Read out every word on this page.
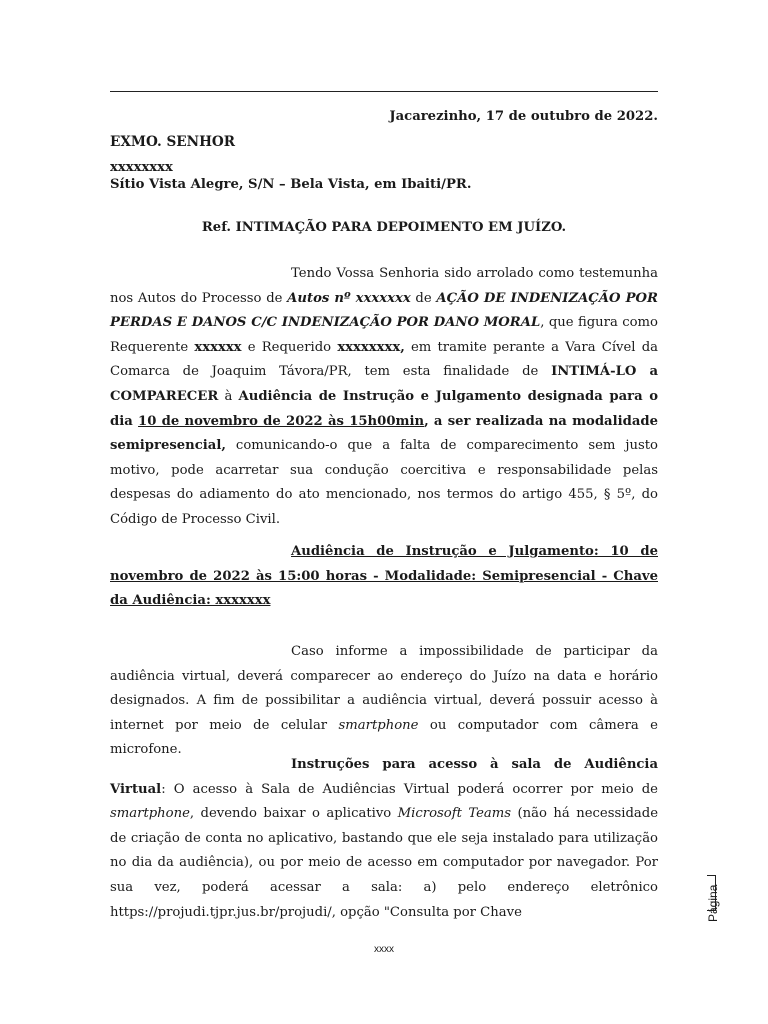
Jacarezinho, 17 de outubro de 2022.

EXMO. SENHOR

xxxxxxxx

Sítio Vista Alegre, S/N – Bela Vista, em Ibaiti/PR.

Ref. INTIMAÇÃO PARA DEPOIMENTO EM JUÍZO.

Tendo Vossa Senhoria sido arrolado como testemunha nos Autos do Processo de Autos nº xxxxxxx de AÇÃO DE INDENIZAÇÃO POR PERDAS E DANOS C/C INDENIZAÇÃO POR DANO MORAL, que figura como Requerente xxxxxx e Requerido xxxxxxxx, em tramite perante a Vara Cível da Comarca de Joaquim Távora/PR, tem esta finalidade de INTIMÁ-LO a COMPARECER à Audiência de Instrução e Julgamento designada para o dia 10 de novembro de 2022 às 15h00min, a ser realizada na modalidade semipresencial, comunicando-o que a falta de comparecimento sem justo motivo, pode acarretar sua condução coercitiva e responsabilidade pelas despesas do adiamento do ato mencionado, nos termos do artigo 455, § 5º, do Código de Processo Civil.

Audiência de Instrução e Julgamento: 10 de novembro de 2022 às 15:00 horas - Modalidade: Semipresencial - Chave da Audiência: xxxxxxx

Caso informe a impossibilidade de participar da audiência virtual, deverá comparecer ao endereço do Juízo na data e horário designados. A fim de possibilitar a audiência virtual, deverá possuir acesso à internet por meio de celular smartphone ou computador com câmera e microfone.

Instruções para acesso à sala de Audiência Virtual: O acesso à Sala de Audiências Virtual poderá ocorrer por meio de smartphone, devendo baixar o aplicativo Microsoft Teams (não há necessidade de criação de conta no aplicativo, bastando que ele seja instalado para utilização no dia da audiência), ou por meio de acesso em computador por navegador. Por sua vez, poderá acessar a sala: a) pelo endereço eletrônico https://projudi.tjpr.jus.br/projudi/, opção "Consulta por Chave	Página
xxxx
